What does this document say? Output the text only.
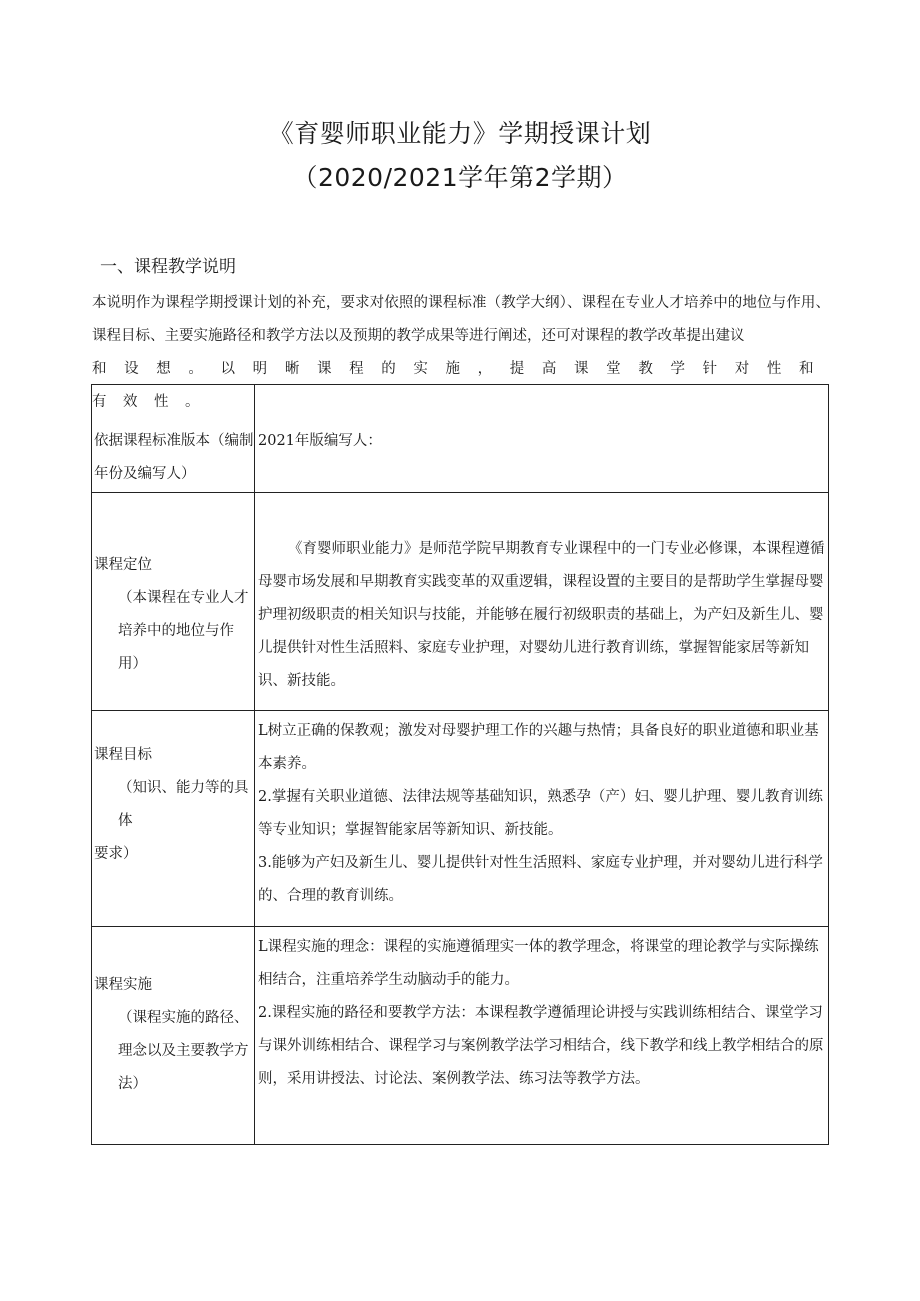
《育婴师职业能力》学期授课计划
（2020/2021学年第2学期）
一、课程教学说明
本说明作为课程学期授课计划的补充，要求对依照的课程标准（教学大纲）、课程在专业人才培养中的地位与作用、课程目标、主要实施路径和教学方法以及预期的教学成果等进行阐述，还可对课程的教学改革提出建议
和设想。以明晰课程的实施，提高课堂教学针对性和有效性。
依据课程标准版本（编制年份及编写人）	2021年版编写人：

课程定位
（本课程在专业人才培养中的地位与作用）	《育婴师职业能力》是师范学院早期教育专业课程中的一门专业必修课，本课程遵循母婴市场发展和早期教育实践变革的双重逻辑，课程设置的主要目的是帮助学生掌握母婴护理初级职责的相关知识与技能，并能够在履行初级职责的基础上，为产妇及新生儿、婴儿提供针对性生活照料、家庭专业护理，对婴幼儿进行教育训练，掌握智能家居等新知识、新技能。

课程目标
（知识、能力等的具体
要求）	L树立正确的保教观；激发对母婴护理工作的兴趣与热情；具备良好的职业道德和职业基本素养。
2.掌握有关职业道德、法律法规等基础知识，熟悉孕（产）妇、婴儿护理、婴儿教育训练等专业知识；掌握智能家居等新知识、新技能。
3.能够为产妇及新生儿、婴儿提供针对性生活照料、家庭专业护理，并对婴幼儿进行科学的、合理的教育训练。

课程实施
（课程实施的路径、理念以及主要教学方法）	L课程实施的理念：课程的实施遵循理实一体的教学理念，将课堂的理论教学与实际操练相结合，注重培养学生动脑动手的能力。
2.课程实施的路径和要教学方法：本课程教学遵循理论讲授与实践训练相结合、课堂学习与课外训练相结合、课程学习与案例教学法学习相结合，线下教学和线上教学相结合的原则，采用讲授法、讨论法、案例教学法、练习法等教学方法。
